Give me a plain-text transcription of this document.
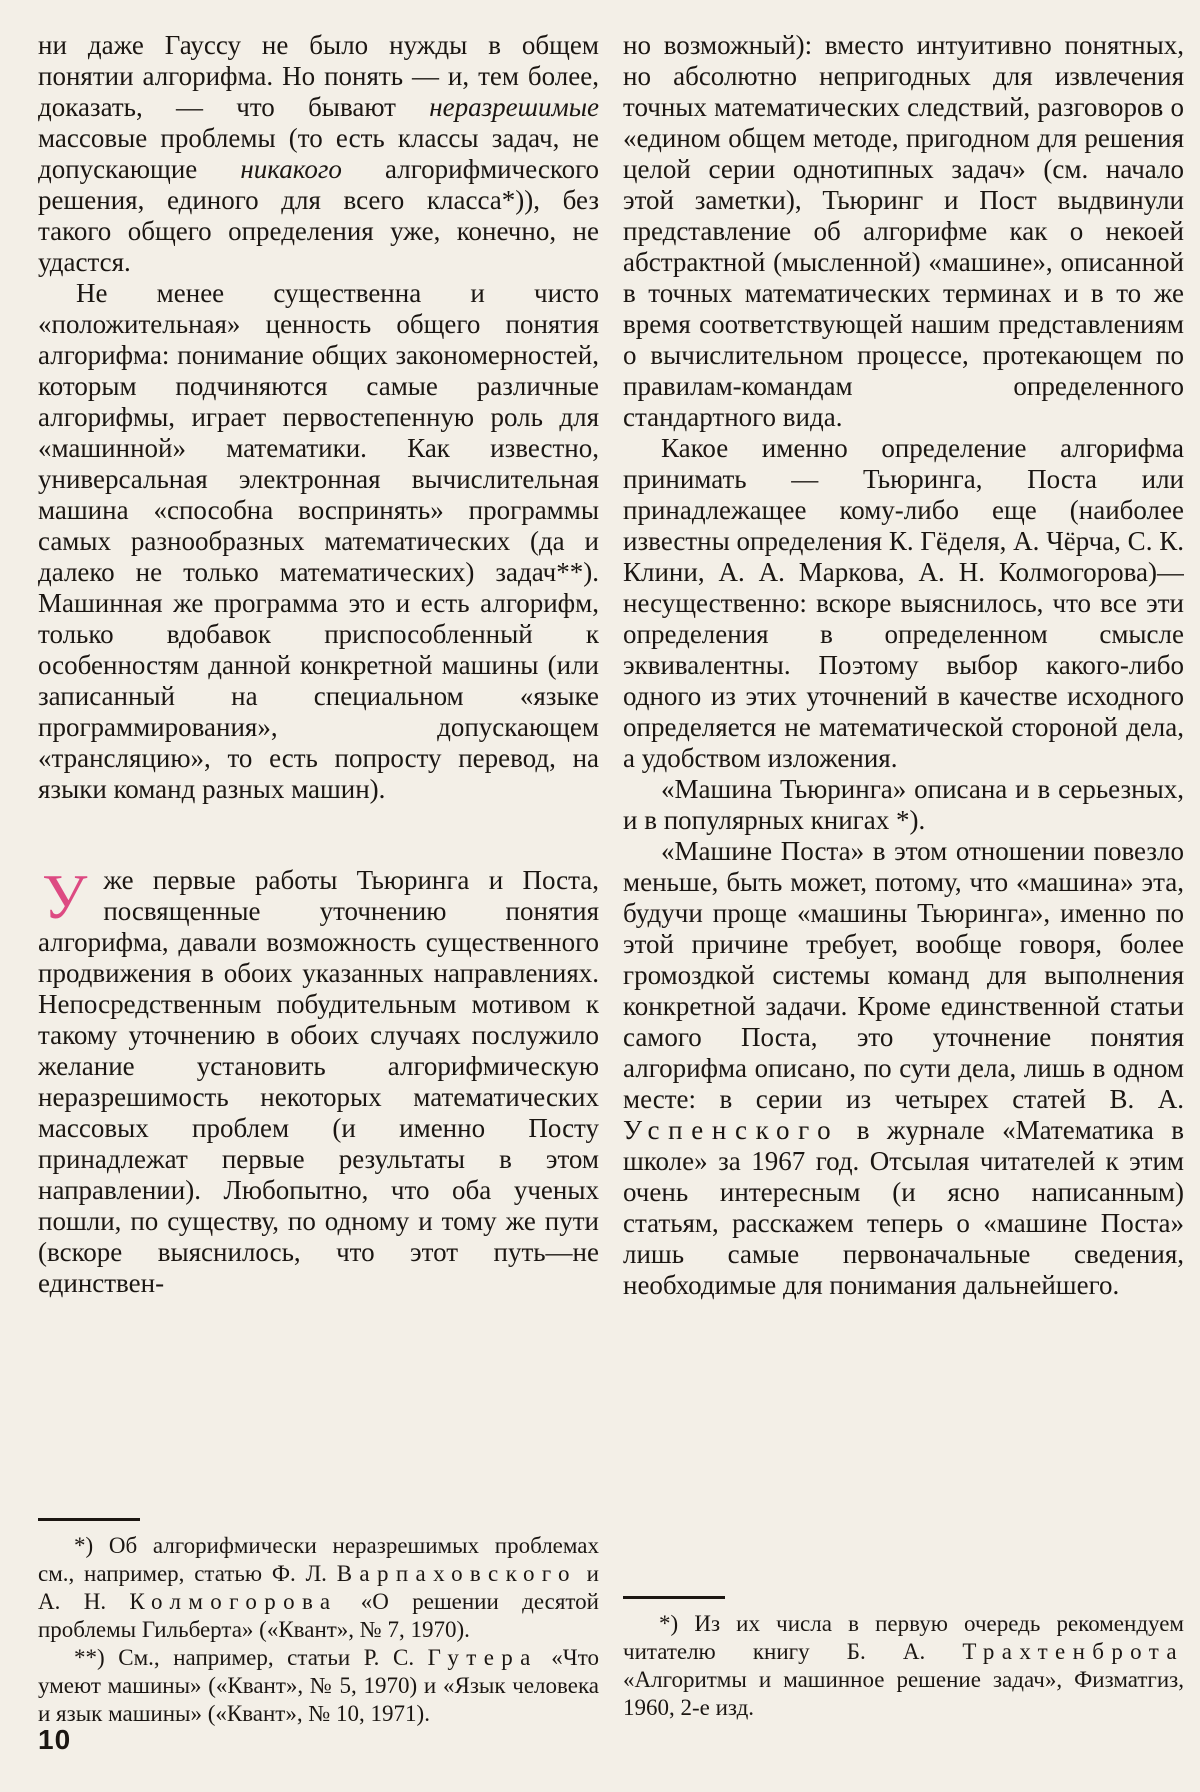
ни даже Гауссу не было нужды в общем понятии алгорифма. Но понять — и, тем более, доказать, — что бывают неразрешимые массовые проблемы (то есть классы задач, не допускающие никакого алгорифмического решения, единого для всего класса*)), без такого общего определения уже, конечно, не удастся.

Не менее существенна и чисто «положительная» ценность общего понятия алгорифма: понимание общих закономерностей, которым подчиняются самые различные алгорифмы, играет первостепенную роль для «машинной» математики. Как известно, универсальная электронная вычислительная машина «способна воспринять» программы самых разнообразных математических (да и далеко не только математических) задач**). Машинная же программа это и есть алгорифм, только вдобавок приспособленный к особенностям данной конкретной машины (или записанный на специальном «языке программирования», допускающем «трансляцию», то есть попросту перевод, на языки команд разных машин).

Уже первые работы Тьюринга и Поста, посвященные уточнению понятия алгорифма, давали возможность существенного продвижения в обоих указанных направлениях. Непосредственным побудительным мотивом к такому уточнению в обоих случаях послужило желание установить алгорифмическую неразрешимость некоторых математических массовых проблем (и именно Посту принадлежат первые результаты в этом направлении). Любопытно, что оба ученых пошли, по существу, по одному и тому же пути (вскоре выяснилось, что этот путь—не единствен-

*) Об алгорифмически неразрешимых проблемах см., например, статью Ф. Л. Варпаховского и А. Н. Колмогорова «О решении десятой проблемы Гильберта» («Квант», № 7, 1970).

**) См., например, статьи Р. С. Гутера «Что умеют машины» («Квант», № 5, 1970) и «Язык человека и язык машины» («Квант», № 10, 1971).

10

но возможный): вместо интуитивно понятных, но абсолютно непригодных для извлечения точных математических следствий, разговоров о «едином общем методе, пригодном для решения целой серии однотипных задач» (см. начало этой заметки), Тьюринг и Пост выдвинули представление об алгорифме как о некоей абстрактной (мысленной) «машине», описанной в точных математических терминах и в то же время соответствующей нашим представлениям о вычислительном процессе, протекающем по правилам-командам определенного стандартного вида.

Какое именно определение алгорифма принимать — Тьюринга, Поста или принадлежащее кому-либо еще (наиболее известны определения К. Гёделя, А. Чёрча, С. К. Клини, А. А. Маркова, А. Н. Колмогорова)— несущественно: вскоре выяснилось, что все эти определения в определенном смысле эквивалентны. Поэтому выбор какого-либо одного из этих уточнений в качестве исходного определяется не математической стороной дела, а удобством изложения.

«Машина Тьюринга» описана и в серьезных, и в популярных книгах *).

«Машине Поста» в этом отношении повезло меньше, быть может, потому, что «машина» эта, будучи проще «машины Тьюринга», именно по этой причине требует, вообще говоря, более громоздкой системы команд для выполнения конкретной задачи. Кроме единственной статьи самого Поста, это уточнение понятия алгорифма описано, по сути дела, лишь в одном месте: в серии из четырех статей В. А. Успенского в журнале «Математика в школе» за 1967 год. Отсылая читателей к этим очень интересным (и ясно написанным) статьям, расскажем теперь о «машине Поста» лишь самые первоначальные сведения, необходимые для понимания дальнейшего.

*) Из их числа в первую очередь рекомендуем читателю книгу Б. А. Трахтенброта «Алгоритмы и машинное решение задач», Физматгиз, 1960, 2-е изд.
